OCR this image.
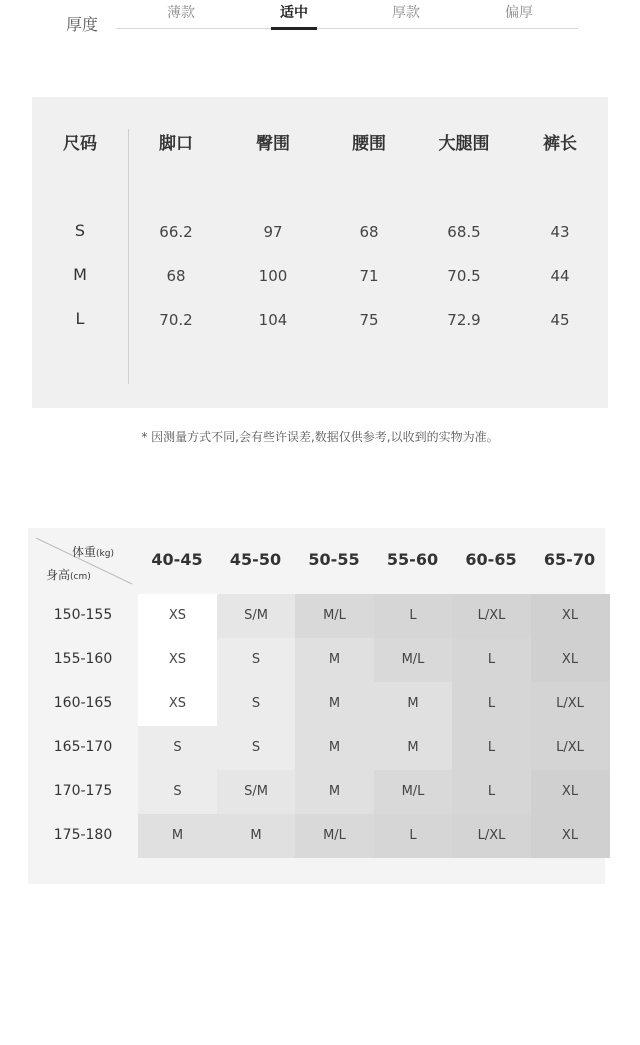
厚度
薄款	适中	厚款	偏厚
尺码	脚口	臀围	腰围	大腿围	裤长
S	66.2	97	68	68.5	43
M	68	100	71	70.5	44
L	70.2	104	75	72.9	45
* 因测量方式不同,会有些许误差,数据仅供参考,以收到的实物为准。
体重(kg)
身高(cm)
40-45	45-50	50-55	55-60	60-65	65-70
150-155	XS	S/M	M/L	L	L/XL	XL
155-160	XS	S	M	M/L	L	XL
160-165	XS	S	M	M	L	L/XL
165-170	S	S	M	M	L	L/XL
170-175	S	S/M	M	M/L	L	XL
175-180	M	M	M/L	L	L/XL	XL
